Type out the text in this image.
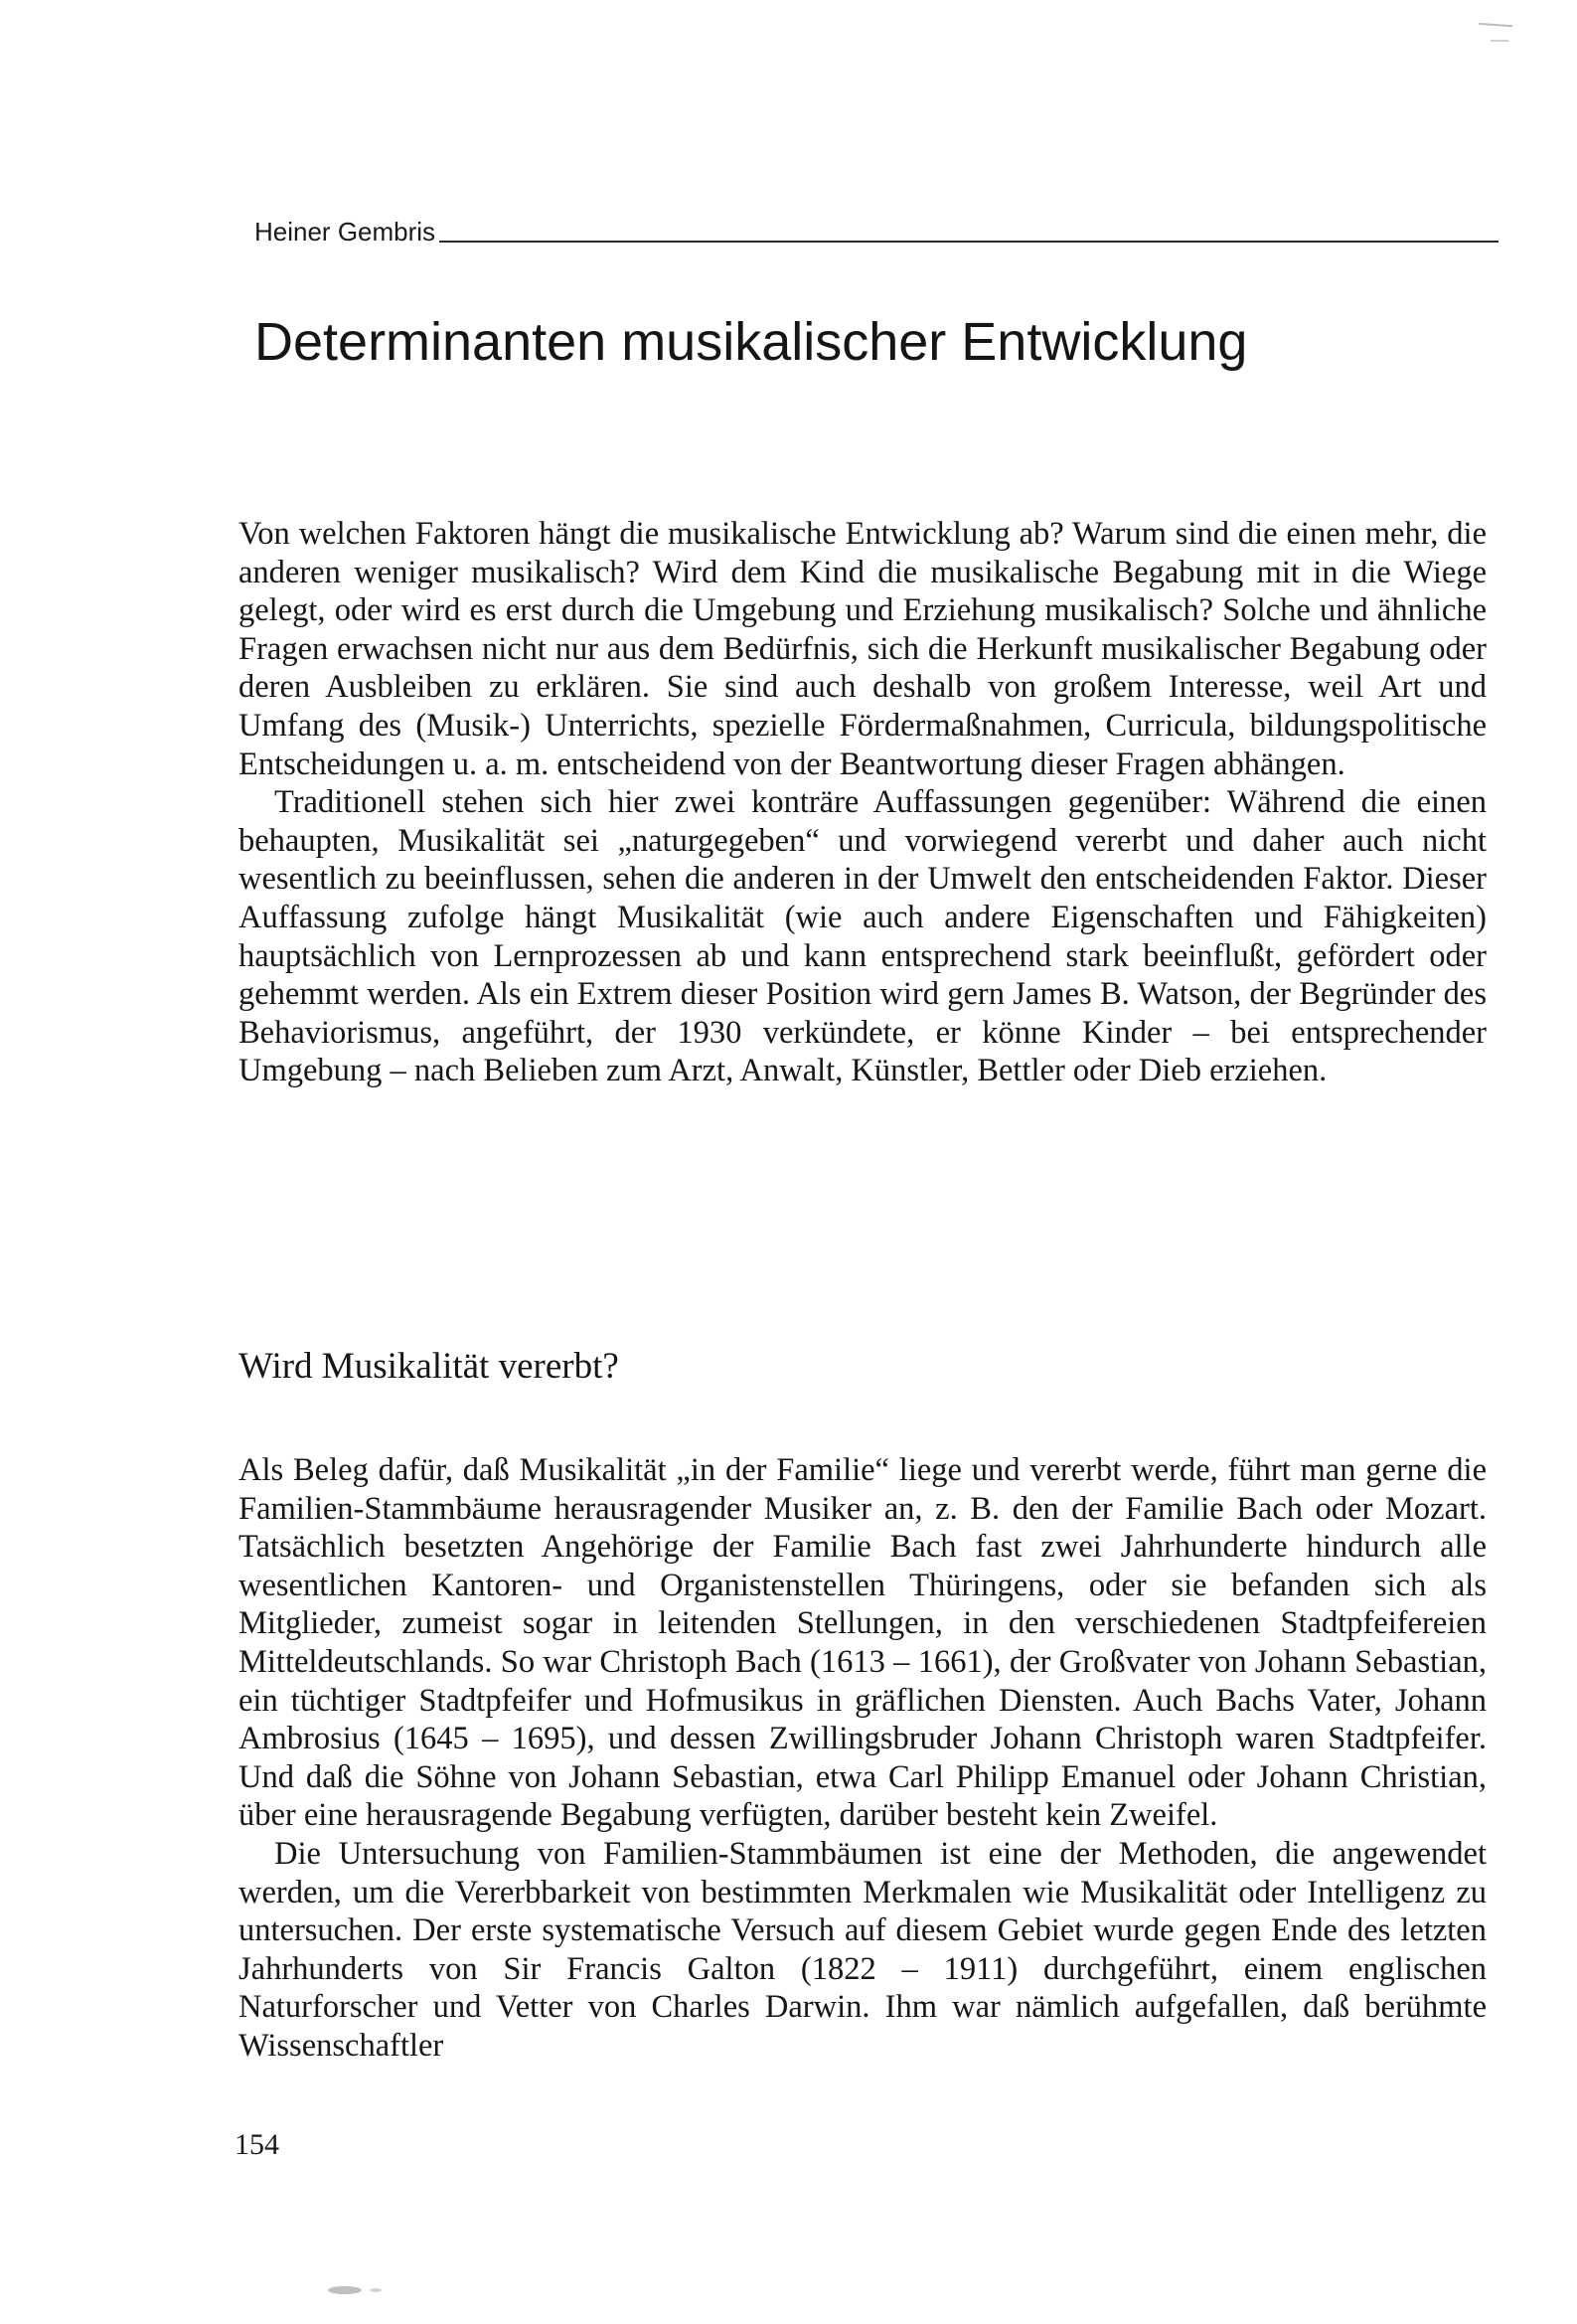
Heiner Gembris
Determinanten musikalischer Entwicklung

Von welchen Faktoren hängt die musikalische Entwicklung ab? Warum sind die einen mehr, die anderen weniger musikalisch? Wird dem Kind die musikalische Begabung mit in die Wiege gelegt, oder wird es erst durch die Umgebung und Erziehung musikalisch? Solche und ähnliche Fragen erwachsen nicht nur aus dem Bedürfnis, sich die Herkunft musikalischer Begabung oder deren Ausbleiben zu erklären. Sie sind auch deshalb von großem Interesse, weil Art und Umfang des (Musik-) Unterrichts, spezielle Fördermaßnahmen, Curricula, bildungspolitische Entscheidungen u. a. m. entscheidend von der Beantwortung dieser Fragen abhängen.

Traditionell stehen sich hier zwei konträre Auffassungen gegenüber: Während die einen behaupten, Musikalität sei „naturgegeben“ und vorwiegend vererbt und daher auch nicht wesentlich zu beeinflussen, sehen die anderen in der Umwelt den entscheidenden Faktor. Dieser Auffassung zufolge hängt Musikalität (wie auch andere Eigenschaften und Fähigkeiten) hauptsächlich von Lernprozessen ab und kann entsprechend stark beeinflußt, gefördert oder gehemmt werden. Als ein Extrem dieser Position wird gern James B. Watson, der Begründer des Behaviorismus, angeführt, der 1930 verkündete, er könne Kinder – bei entsprechender Umgebung – nach Belieben zum Arzt, Anwalt, Künstler, Bettler oder Dieb erziehen.

Wird Musikalität vererbt?

Als Beleg dafür, daß Musikalität „in der Familie“ liege und vererbt werde, führt man gerne die Familien-Stammbäume herausragender Musiker an, z. B. den der Familie Bach oder Mozart. Tatsächlich besetzten Angehörige der Familie Bach fast zwei Jahrhunderte hindurch alle wesentlichen Kantoren- und Organistenstellen Thüringens, oder sie befanden sich als Mitglieder, zumeist sogar in leitenden Stellungen, in den verschiedenen Stadtpfeifereien Mitteldeutschlands. So war Christoph Bach (1613 – 1661), der Großvater von Johann Sebastian, ein tüchtiger Stadtpfeifer und Hofmusikus in gräflichen Diensten. Auch Bachs Vater, Johann Ambrosius (1645 – 1695), und dessen Zwillingsbruder Johann Christoph waren Stadtpfeifer. Und daß die Söhne von Johann Sebastian, etwa Carl Philipp Emanuel oder Johann Christian, über eine herausragende Begabung verfügten, darüber besteht kein Zweifel.

Die Untersuchung von Familien-Stammbäumen ist eine der Methoden, die angewendet werden, um die Vererbbarkeit von bestimmten Merkmalen wie Musikalität oder Intelligenz zu untersuchen. Der erste systematische Versuch auf diesem Gebiet wurde gegen Ende des letzten Jahrhunderts von Sir Francis Galton (1822 – 1911) durchgeführt, einem englischen Naturforscher und Vetter von Charles Darwin. Ihm war nämlich aufgefallen, daß berühmte Wissenschaftler

154
